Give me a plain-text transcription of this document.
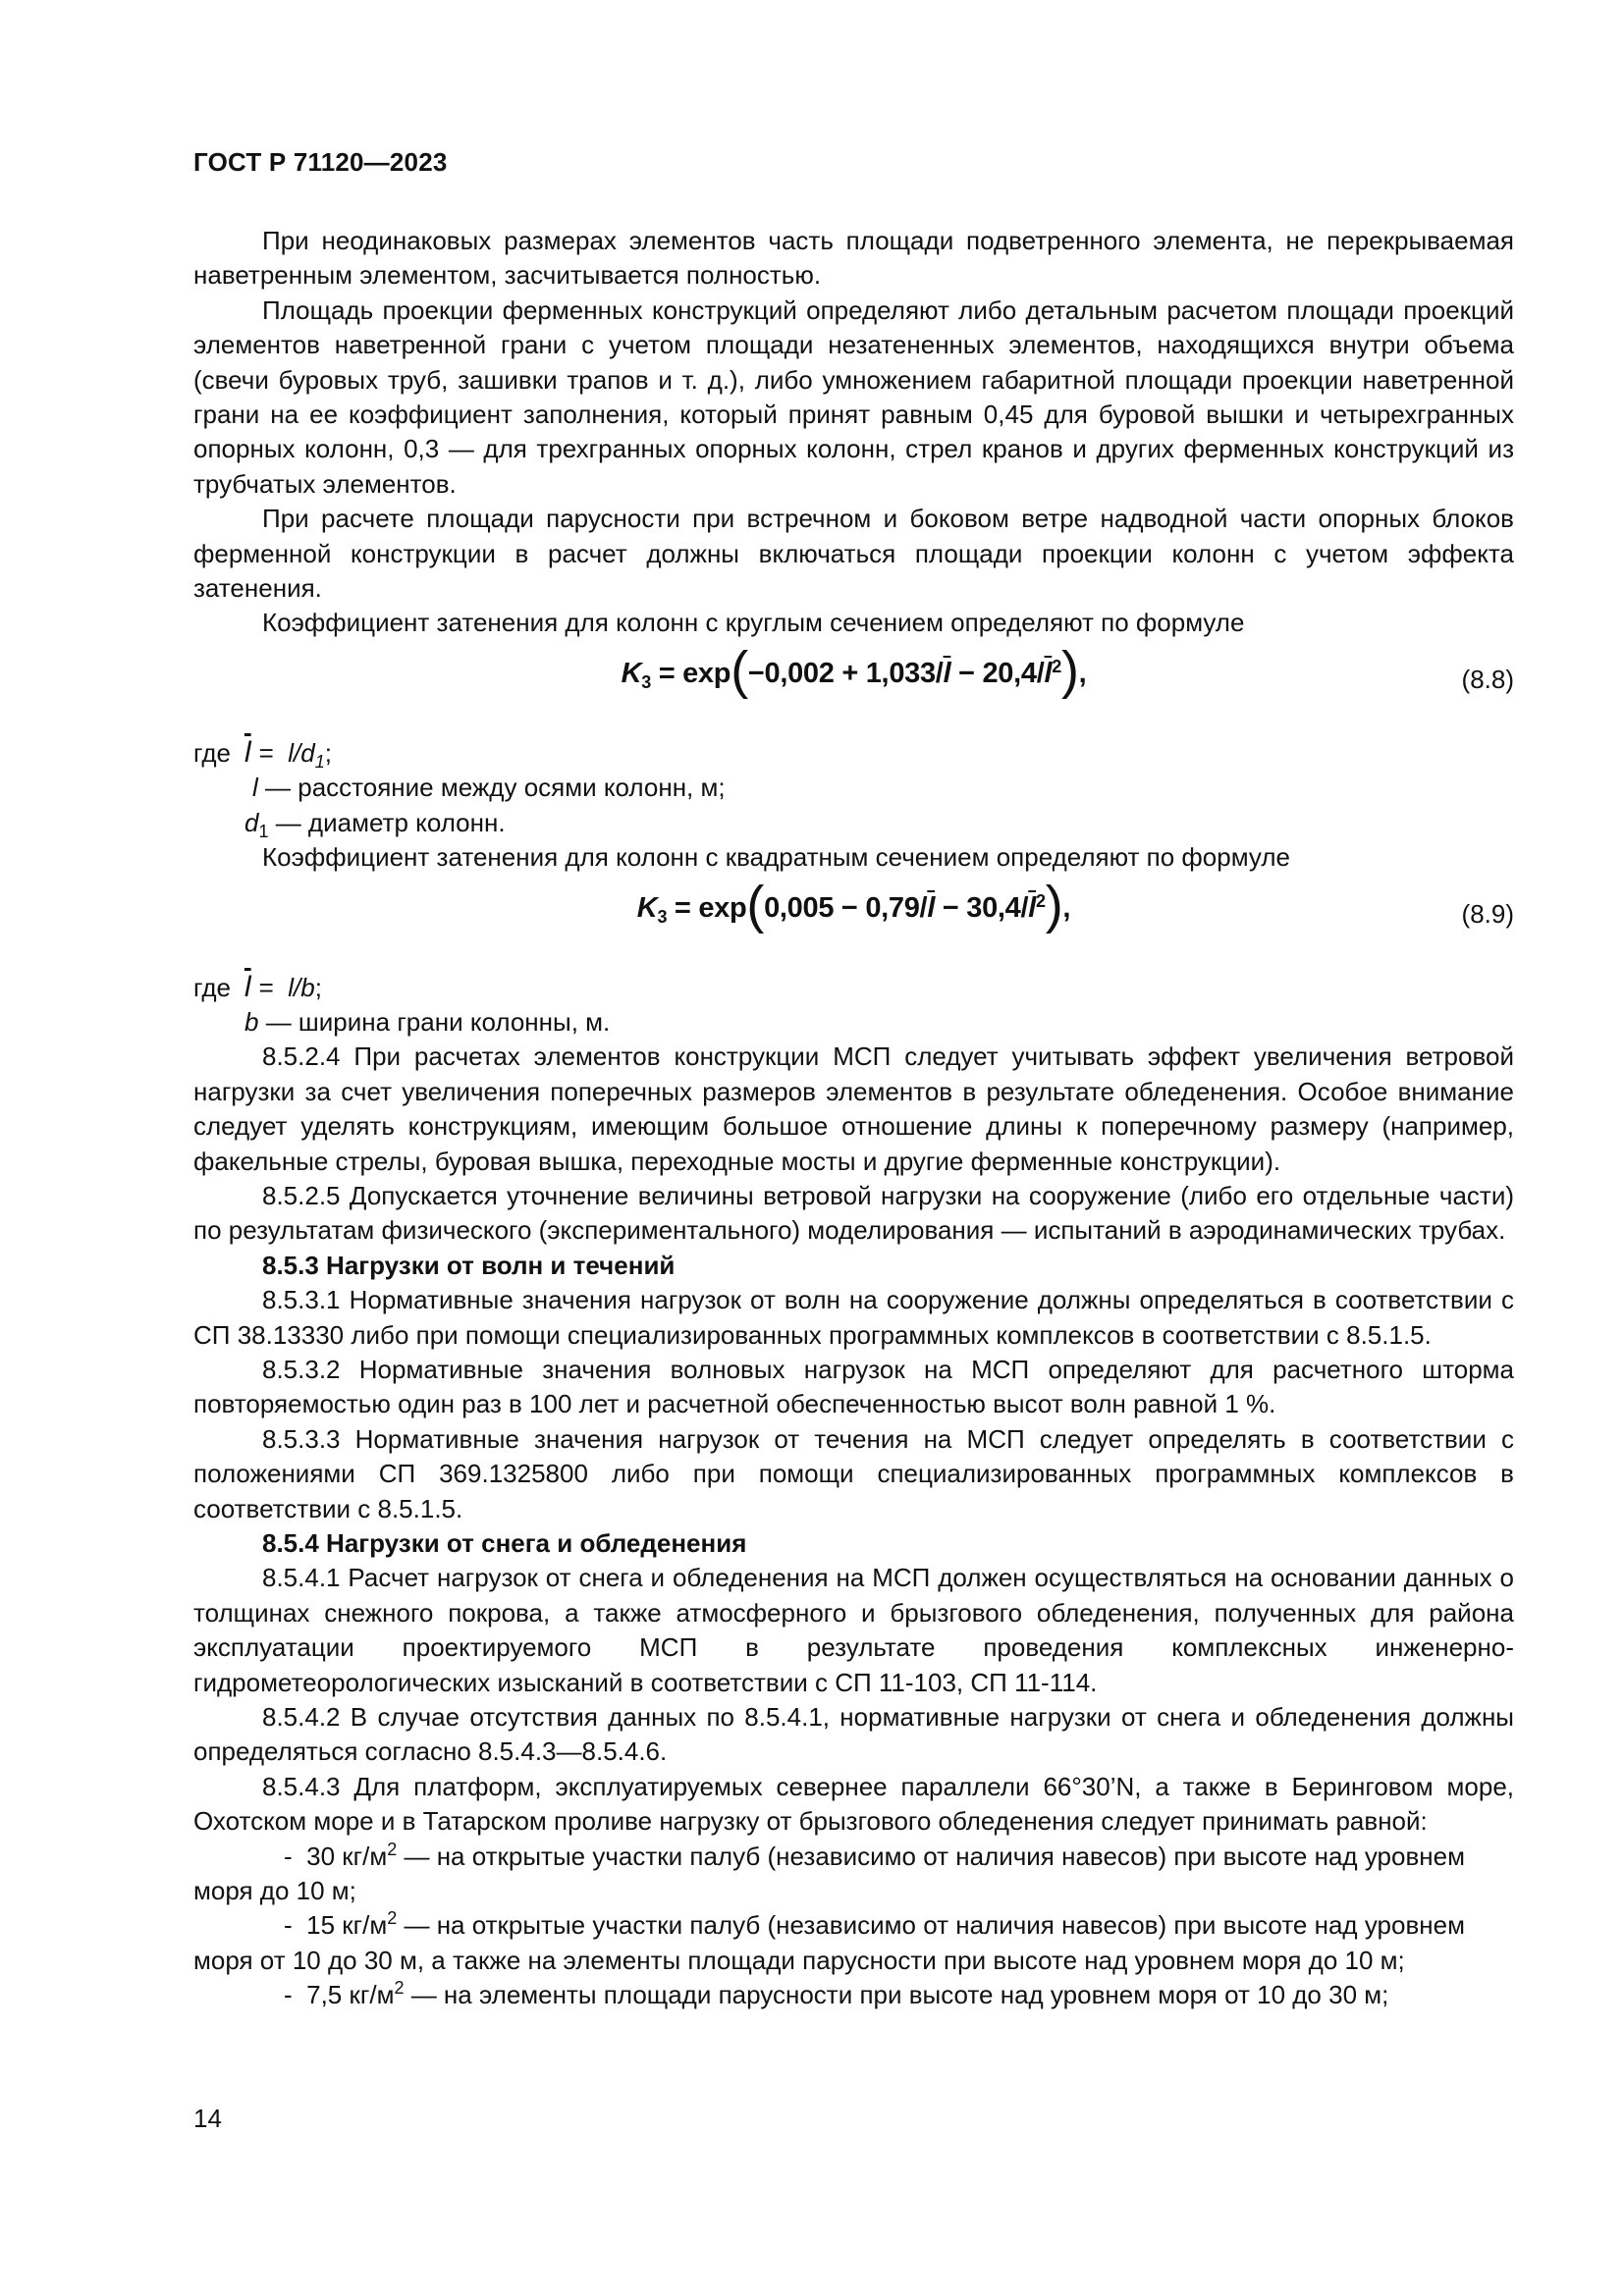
ГОСТ Р 71120—2023

При неодинаковых размерах элементов часть площади подветренного элемента, не перекрываемая наветренным элементом, засчитывается полностью.

Площадь проекции ферменных конструкций определяют либо детальным расчетом площади проекций элементов наветренной грани с учетом площади незатененных элементов, находящихся внутри объема (свечи буровых труб, зашивки трапов и т. д.), либо умножением габаритной площади проекции наветренной грани на ее коэффициент заполнения, который принят равным 0,45 для буровой вышки и четырехгранных опорных колонн, 0,3 — для трехгранных опорных колонн, стрел кранов и других ферменных конструкций из трубчатых элементов.

При расчете площади парусности при встречном и боковом ветре надводной части опорных блоков ферменной конструкции в расчет должны включаться площади проекции колонн с учетом эффекта затенения.

Коэффициент затенения для колонн с круглым сечением определяют по формуле

$K_3 = \exp(-0,002 + 1,033/\overline{l} - 20,4/\overline{l}^2)$,	(8.8)

где $\overline{l} = l/d_1$;

l — расстояние между осями колонн, м;

$d_1$ — диаметр колонн.

Коэффициент затенения для колонн с квадратным сечением определяют по формуле

$K_3 = \exp(0,005 - 0,79/\overline{l} - 30,4/\overline{l}^2)$,	(8.9)

где $\overline{l} = l/b$;

b — ширина грани колонны, м.

8.5.2.4 При расчетах элементов конструкции МСП следует учитывать эффект увеличения ветровой нагрузки за счет увеличения поперечных размеров элементов в результате обледенения. Особое внимание следует уделять конструкциям, имеющим большое отношение длины к поперечному размеру (например, факельные стрелы, буровая вышка, переходные мосты и другие ферменные конструкции).

8.5.2.5 Допускается уточнение величины ветровой нагрузки на сооружение (либо его отдельные части) по результатам физического (экспериментального) моделирования — испытаний в аэродинамических трубах.

8.5.3 Нагрузки от волн и течений

8.5.3.1 Нормативные значения нагрузок от волн на сооружение должны определяться в соответствии с СП 38.13330 либо при помощи специализированных программных комплексов в соответствии с 8.5.1.5.

8.5.3.2 Нормативные значения волновых нагрузок на МСП определяют для расчетного шторма повторяемостью один раз в 100 лет и расчетной обеспеченностью высот волн равной 1 %.

8.5.3.3 Нормативные значения нагрузок от течения на МСП следует определять в соответствии с положениями СП 369.1325800 либо при помощи специализированных программных комплексов в соответствии с 8.5.1.5.

8.5.4 Нагрузки от снега и обледенения

8.5.4.1 Расчет нагрузок от снега и обледенения на МСП должен осуществляться на основании данных о толщинах снежного покрова, а также атмосферного и брызгового обледенения, полученных для района эксплуатации проектируемого МСП в результате проведения комплексных инженерно-гидрометеорологических изысканий в соответствии с СП 11-103, СП 11-114.

8.5.4.2 В случае отсутствия данных по 8.5.4.1, нормативные нагрузки от снега и обледенения должны определяться согласно 8.5.4.3—8.5.4.6.

8.5.4.3 Для платформ, эксплуатируемых севернее параллели 66°30’N, а также в Беринговом море, Охотском море и в Татарском проливе нагрузку от брызгового обледенения следует принимать равной:

- 30 $кг/м^2$ — на открытые участки палуб (независимо от наличия навесов) при высоте над уровнем

моря до 10 м;

- 15 $кг/м^2$ — на открытые участки палуб (независимо от наличия навесов) при высоте над уровнем

моря от 10 до 30 м, а также на элементы площади парусности при высоте над уровнем моря до 10 м;

- 7,5 $кг/м^2$ — на элементы площади парусности при высоте над уровнем моря от 10 до 30 м;

14
